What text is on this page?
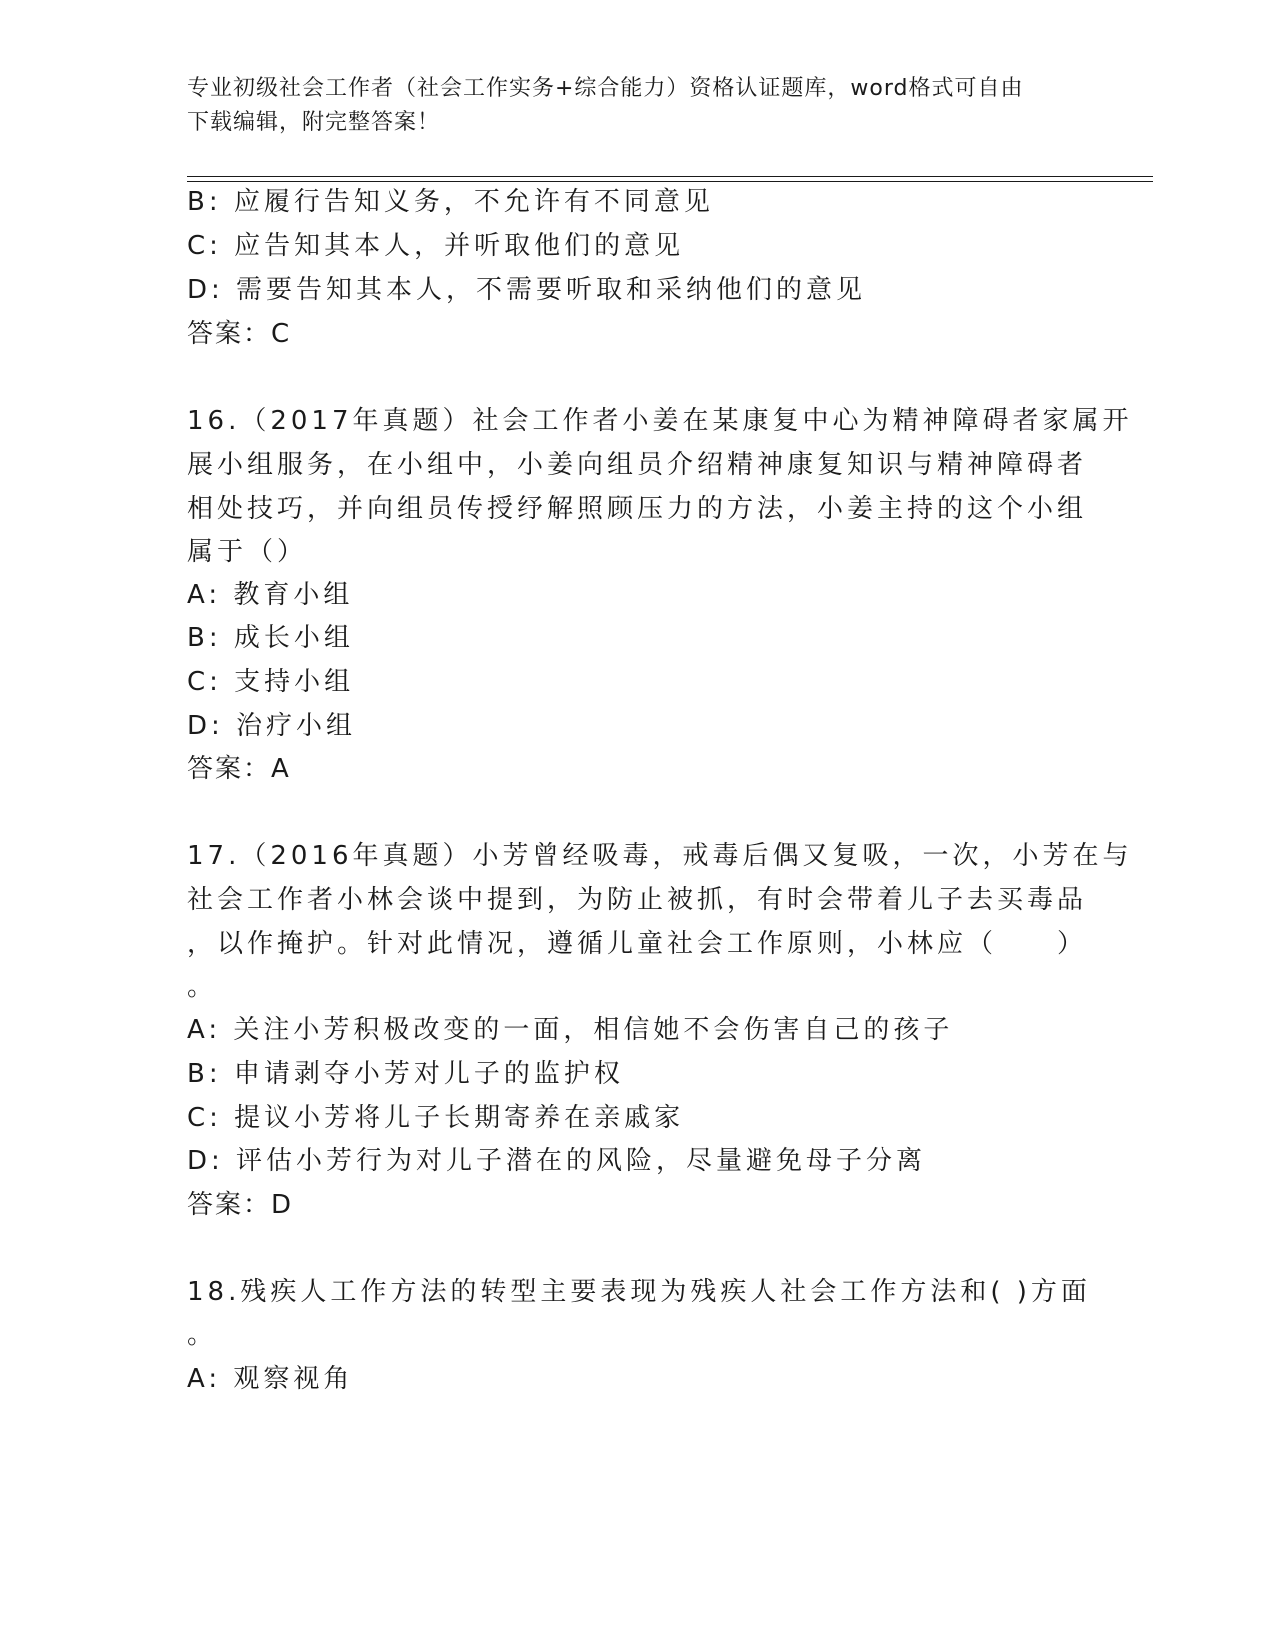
专业初级社会工作者（社会工作实务+综合能力）资格认证题库，word格式可自由
下载编辑，附完整答案！
B: 应履行告知义务，不允许有不同意见
C: 应告知其本人，并听取他们的意见
D: 需要告知其本人，不需要听取和采纳他们的意见
答案：C
16.（2017年真题）社会工作者小姜在某康复中心为精神障碍者家属开
展小组服务，在小组中，小姜向组员介绍精神康复知识与精神障碍者
相处技巧，并向组员传授纾解照顾压力的方法，小姜主持的这个小组
属于（）
A: 教育小组
B: 成长小组
C: 支持小组
D: 治疗小组
答案：A
17.（2016年真题）小芳曾经吸毒，戒毒后偶又复吸，一次，小芳在与
社会工作者小林会谈中提到，为防止被抓，有时会带着儿子去买毒品
，以作掩护。针对此情况，遵循儿童社会工作原则，小林应（　　）
。
A: 关注小芳积极改变的一面，相信她不会伤害自己的孩子
B: 申请剥夺小芳对儿子的监护权
C: 提议小芳将儿子长期寄养在亲戚家
D: 评估小芳行为对儿子潜在的风险，尽量避免母子分离
答案：D
18.残疾人工作方法的转型主要表现为残疾人社会工作方法和( )方面
。
A: 观察视角
